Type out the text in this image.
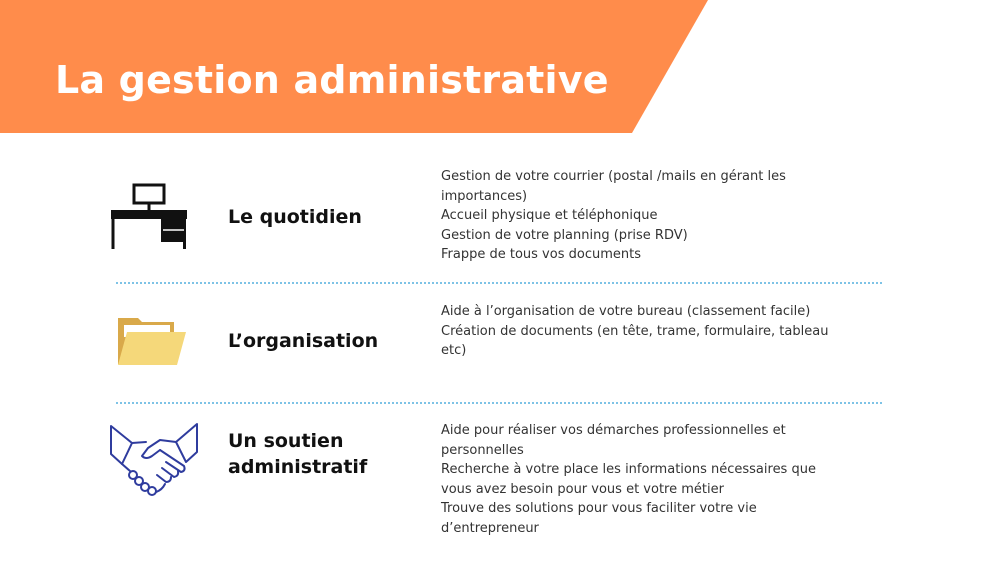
La gestion administrative
Le quotidien
Gestion de votre courrier (postal /mails en gérant les
importances)
Accueil physique et téléphonique
Gestion de votre planning (prise RDV)
Frappe de tous vos documents
L’organisation
Aide à l’organisation de votre bureau (classement facile)
Création de documents (en tête, trame, formulaire, tableau
etc)
Un soutien
administratif
Aide pour réaliser vos démarches professionnelles et
personnelles
Recherche à votre place les informations nécessaires que
vous avez besoin pour vous et votre métier
Trouve des solutions pour vous faciliter votre vie
d’entrepreneur
